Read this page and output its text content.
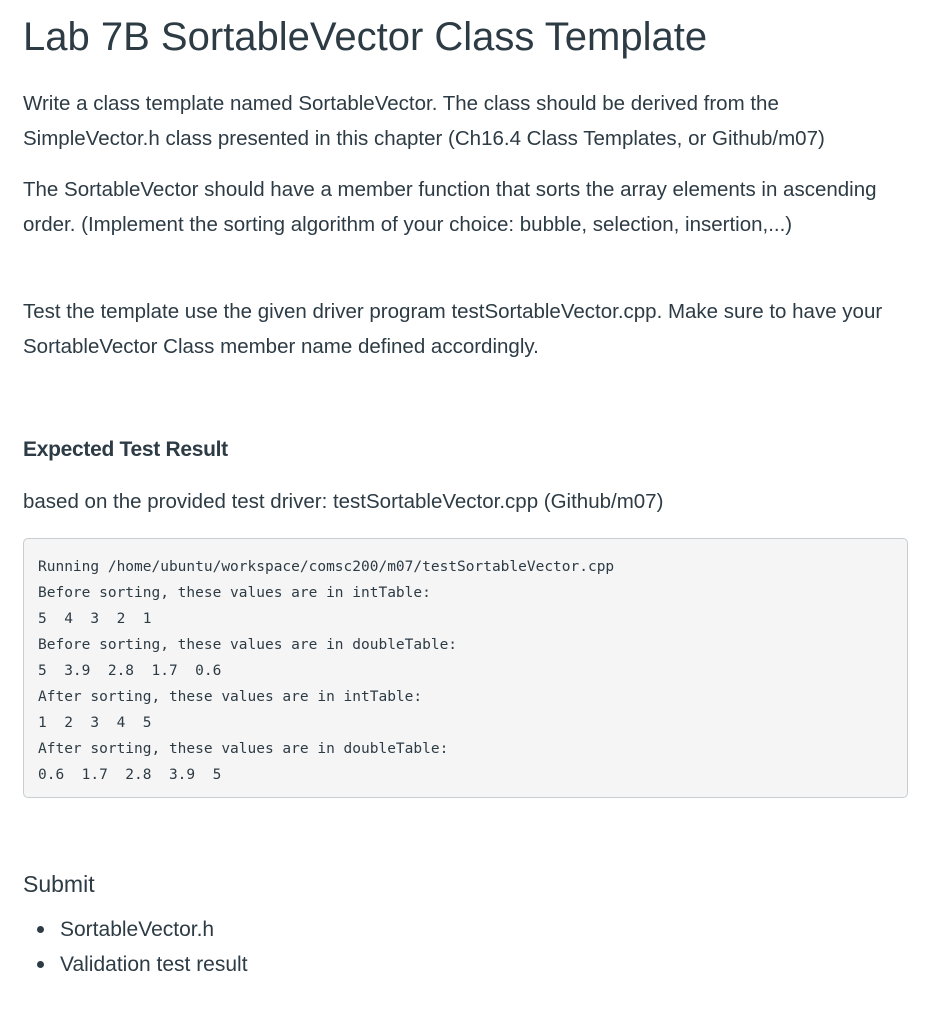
Lab 7B SortableVector Class Template

Write a class template named SortableVector. The class should be derived from the SimpleVector.h class presented in this chapter (Ch16.4 Class Templates, or Github/m07)

The SortableVector should have a member function that sorts the array elements in ascending order. (Implement the sorting algorithm of your choice: bubble, selection, insertion,...)

Test the template use the given driver program testSortableVector.cpp. Make sure to have your SortableVector Class member name defined accordingly.

Expected Test Result

based on the provided test driver: testSortableVector.cpp (Github/m07)

Running /home/ubuntu/workspace/comsc200/m07/testSortableVector.cpp
Before sorting, these values are in intTable:
5  4  3  2  1
Before sorting, these values are in doubleTable:
5  3.9  2.8  1.7  0.6
After sorting, these values are in intTable:
1  2  3  4  5
After sorting, these values are in doubleTable:
0.6  1.7  2.8  3.9  5
Submit
SortableVector.h
Validation test result
